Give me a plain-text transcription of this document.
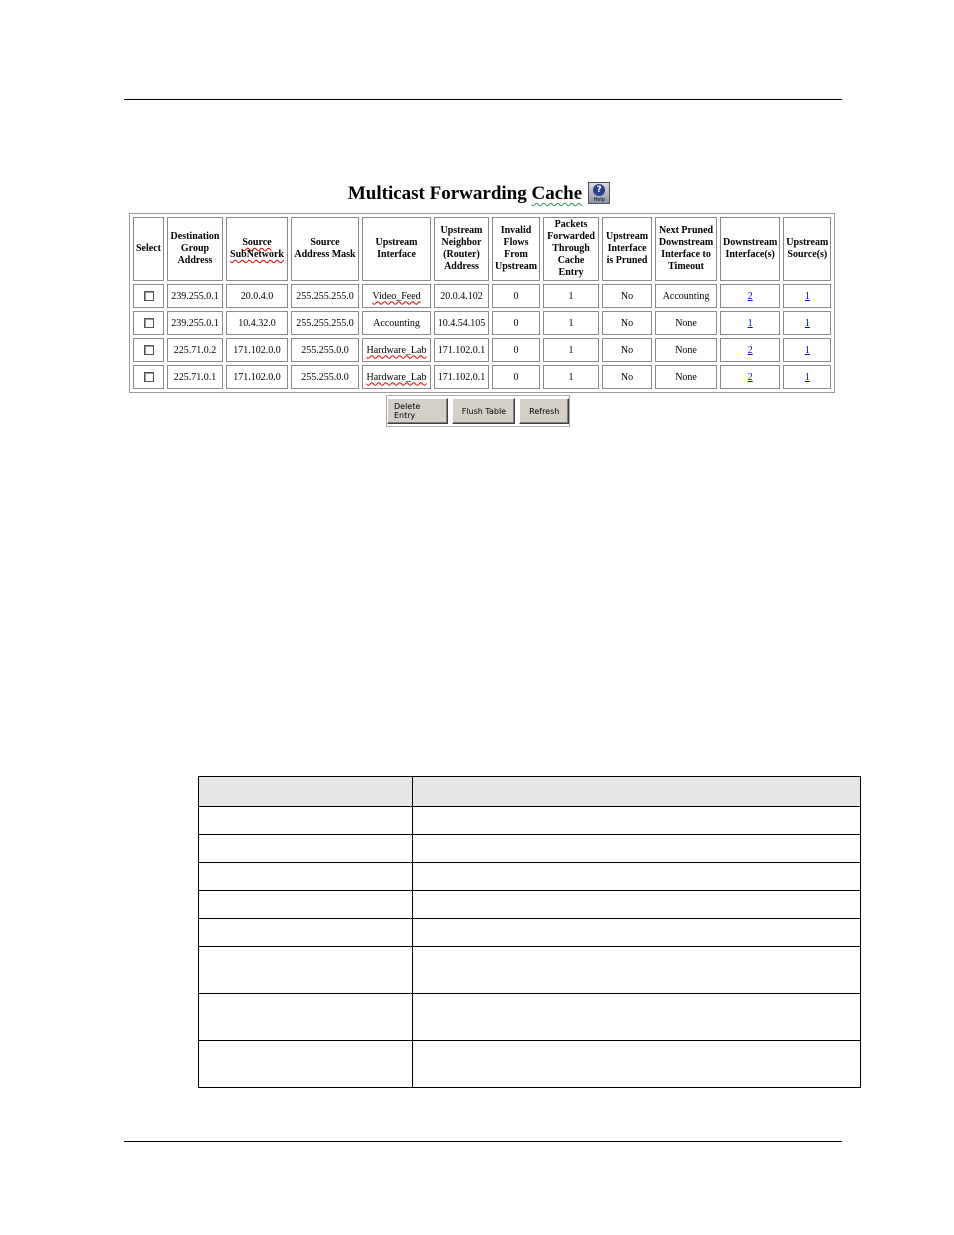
Multicast Forwarding Cache	?
Help
Select	Destination Group Address	Source SubNetwork	Source Address Mask	Upstream Interface	Upstream Neighbor (Router) Address	Invalid Flows From Upstream	Packets Forwarded Through Cache Entry	Upstream Interface is Pruned	Next Pruned Downstream Interface to Timeout	Downstream Interface(s)	Upstream Source(s)
	239.255.0.1	20.0.4.0	255.255.255.0	Video_Feed	20.0.4.102	0	1	No	Accounting	2	1
	239.255.0.1	10.4.32.0	255.255.255.0	Accounting	10.4.54.105	0	1	No	None	1	1
	225.71.0.2	171.102.0.0	255.255.0.0	Hardware_Lab	171.102.0.1	0	1	No	None	2	1
	225.71.0.1	171.102.0.0	255.255.0.0	Hardware_Lab	171.102.0.1	0	1	No	None	2	1
Delete Entry	Flush Table	Refresh
